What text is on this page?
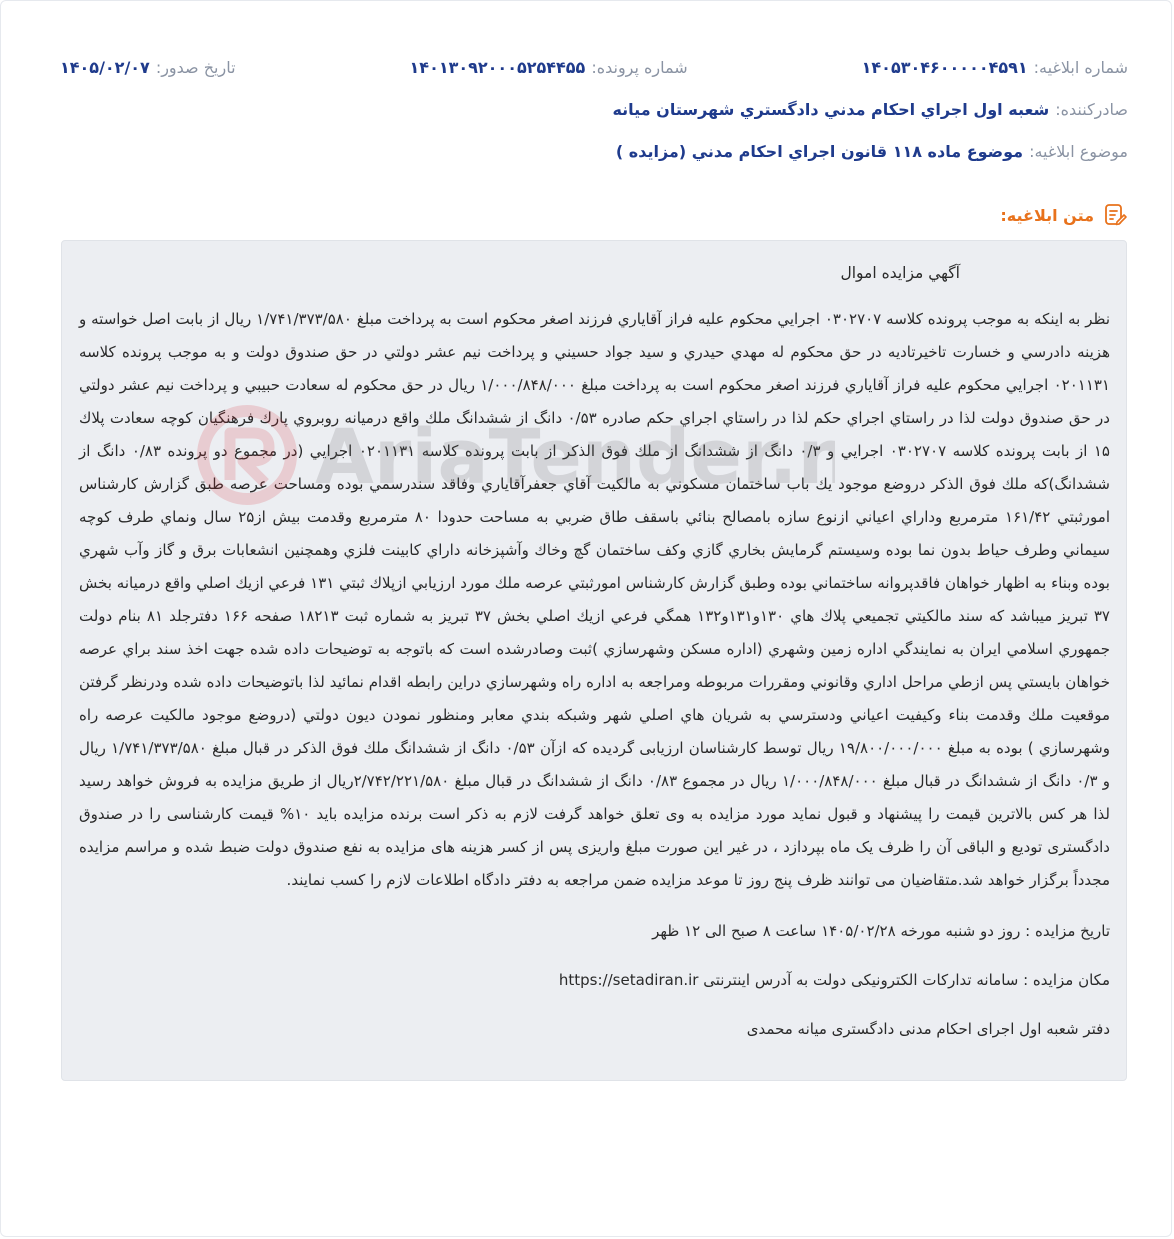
شماره ابلاغيه:
۱۴۰۵۳۰۴۶۰۰۰۰۰۴۵۹۱
شماره پرونده:
۱۴۰۱۳۰۹۲۰۰۰۵۲۵۴۴۵۵
تاريخ صدور:
۱۴۰۵/۰۲/۰۷
صادرکننده:
شعبه اول اجراي احكام مدني دادگستري شهرستان ميانه
موضوع ابلاغيه:
موضوع ماده ۱۱۸ قانون اجراي احكام مدني (مزايده )
متن ابلاغيه:

آگهي مزايده اموال

نظر به اينكه به موجب پرونده كلاسه ۰۳۰۲۷۰۷ اجرايي محكوم عليه فراز آقاياري فرزند اصغر محكوم است به پرداخت مبلغ ۱/۷۴۱/۳۷۳/۵۸۰ ريال از بابت اصل خواسته و هزينه دادرسي و خسارت تاخيرتاديه در حق محكوم له مهدي حيدري و سيد جواد حسيني و پرداخت نيم عشر دولتي در حق صندوق دولت و به موجب پرونده كلاسه ۰۲۰۱۱۳۱ اجرايي محكوم عليه فراز آقاياري فرزند اصغر محكوم است به پرداخت مبلغ ۱/۰۰۰/۸۴۸/۰۰۰ ريال در حق محكوم له سعادت حبيبي و پرداخت نيم عشر دولتي در حق صندوق دولت لذا در راستاي اجراي حكم لذا در راستاي اجراي حكم صادره ۰/۵۳ دانگ از ششدانگ ملك واقع درميانه روبروي پارك فرهنگيان كوچه سعادت پلاك ۱۵ از بابت پرونده كلاسه ۰۳۰۲۷۰۷ اجرايي و ۰/۳ دانگ از ششدانگ از ملك فوق الذكر از بابت پرونده كلاسه ۰۲۰۱۱۳۱ اجرايي (در مجموع دو پرونده ۰/۸۳ دانگ از ششدانگ)كه ملك فوق الذكر دروضع موجود يك باب ساختمان مسكوني به مالكيت آقاي جعفرآقاياري وفاقد سندرسمي بوده ومساحت عرصه طبق گزارش كارشناس امورثبتي ۱۶۱/۴۲ مترمربع وداراي اعياني ازنوع سازه بامصالح بنائي باسقف طاق ضربي به مساحت حدودا ۸۰ مترمربع وقدمت بيش از۲۵ سال ونماي طرف كوچه سيماني وطرف حياط بدون نما بوده وسيستم گرمايش بخاري گازي وكف ساختمان گچ وخاك وآشپزخانه داراي كابينت فلزي وهمچنين انشعابات برق و گاز وآب شهري بوده وبناء به اظهار خواهان فاقدپروانه ساختماني بوده وطبق گزارش كارشناس امورثبتي عرصه ملك مورد ارزيابي ازپلاك ثبتي ۱۳۱ فرعي ازيك اصلي واقع درميانه بخش ۳۷ تبريز ميباشد كه سند مالكيتي تجميعي پلاك هاي ۱۳۰و۱۳۱و۱۳۲ همگي فرعي ازيك اصلي بخش ۳۷ تبريز به شماره ثبت ۱۸۲۱۳ صفحه ۱۶۶ دفترجلد ۸۱ بنام دولت جمهوري اسلامي ايران به نمايندگي اداره زمين وشهري (اداره مسكن وشهرسازي )ثبت وصادرشده است كه باتوجه به توضيحات داده شده جهت اخذ سند براي عرصه خواهان بايستي پس ازطي مراحل اداري وقانوني ومقررات مربوطه ومراجعه به اداره راه وشهرسازي دراين رابطه اقدام نمائيد لذا باتوضيحات داده شده ودرنظر گرفتن موقعيت ملك وقدمت بناء وكيفيت اعياني ودسترسي به شريان هاي اصلي شهر وشبكه بندي معابر ومنظور نمودن ديون دولتي (دروضع موجود مالكيت عرصه راه وشهرسازي ) بوده به مبلغ ۱۹/۸۰۰/۰۰۰/۰۰۰ ريال توسط كارشناسان ارزيابى گرديده كه ازآن ۰/۵۳ دانگ از ششدانگ ملك فوق الذكر در قبال مبلغ ۱/۷۴۱/۳۷۳/۵۸۰ ريال و ۰/۳ دانگ از ششدانگ در قبال مبلغ ۱/۰۰۰/۸۴۸/۰۰۰ ريال در مجموع ۰/۸۳ دانگ از ششدانگ در قبال مبلغ ۲/۷۴۲/۲۲۱/۵۸۰ريال از طريق مزايده به فروش خواهد رسيد لذا هر كس بالاترين قيمت را پيشنهاد و قبول نمايد مورد مزايده به وى تعلق خواهد گرفت لازم به ذكر است برنده مزايده بايد ۱۰% قيمت كارشناسى را در صندوق دادگسترى توديع و الباقى آن را ظرف يک ماه بپردازد ، در غير اين صورت مبلغ واريزى پس از كسر هزينه هاى مزايده به نفع صندوق دولت ضبط شده و مراسم مزايده مجدداً برگزار خواهد شد.متقاضيان مى توانند ظرف پنج روز تا موعد مزايده ضمن مراجعه به دفتر دادگاه اطلاعات لازم را كسب نمايند.

تاريخ مزايده : روز دو شنبه مورخه ۱۴۰۵/۰۲/۲۸ ساعت ۸ صبح الى ۱۲ ظهر

مكان مزايده : سامانه تداركات الكترونيكى دولت به آدرس اينترنتى https://setadiran.ir

دفتر شعبه اول اجراى احكام مدنى دادگسترى ميانه محمدى
